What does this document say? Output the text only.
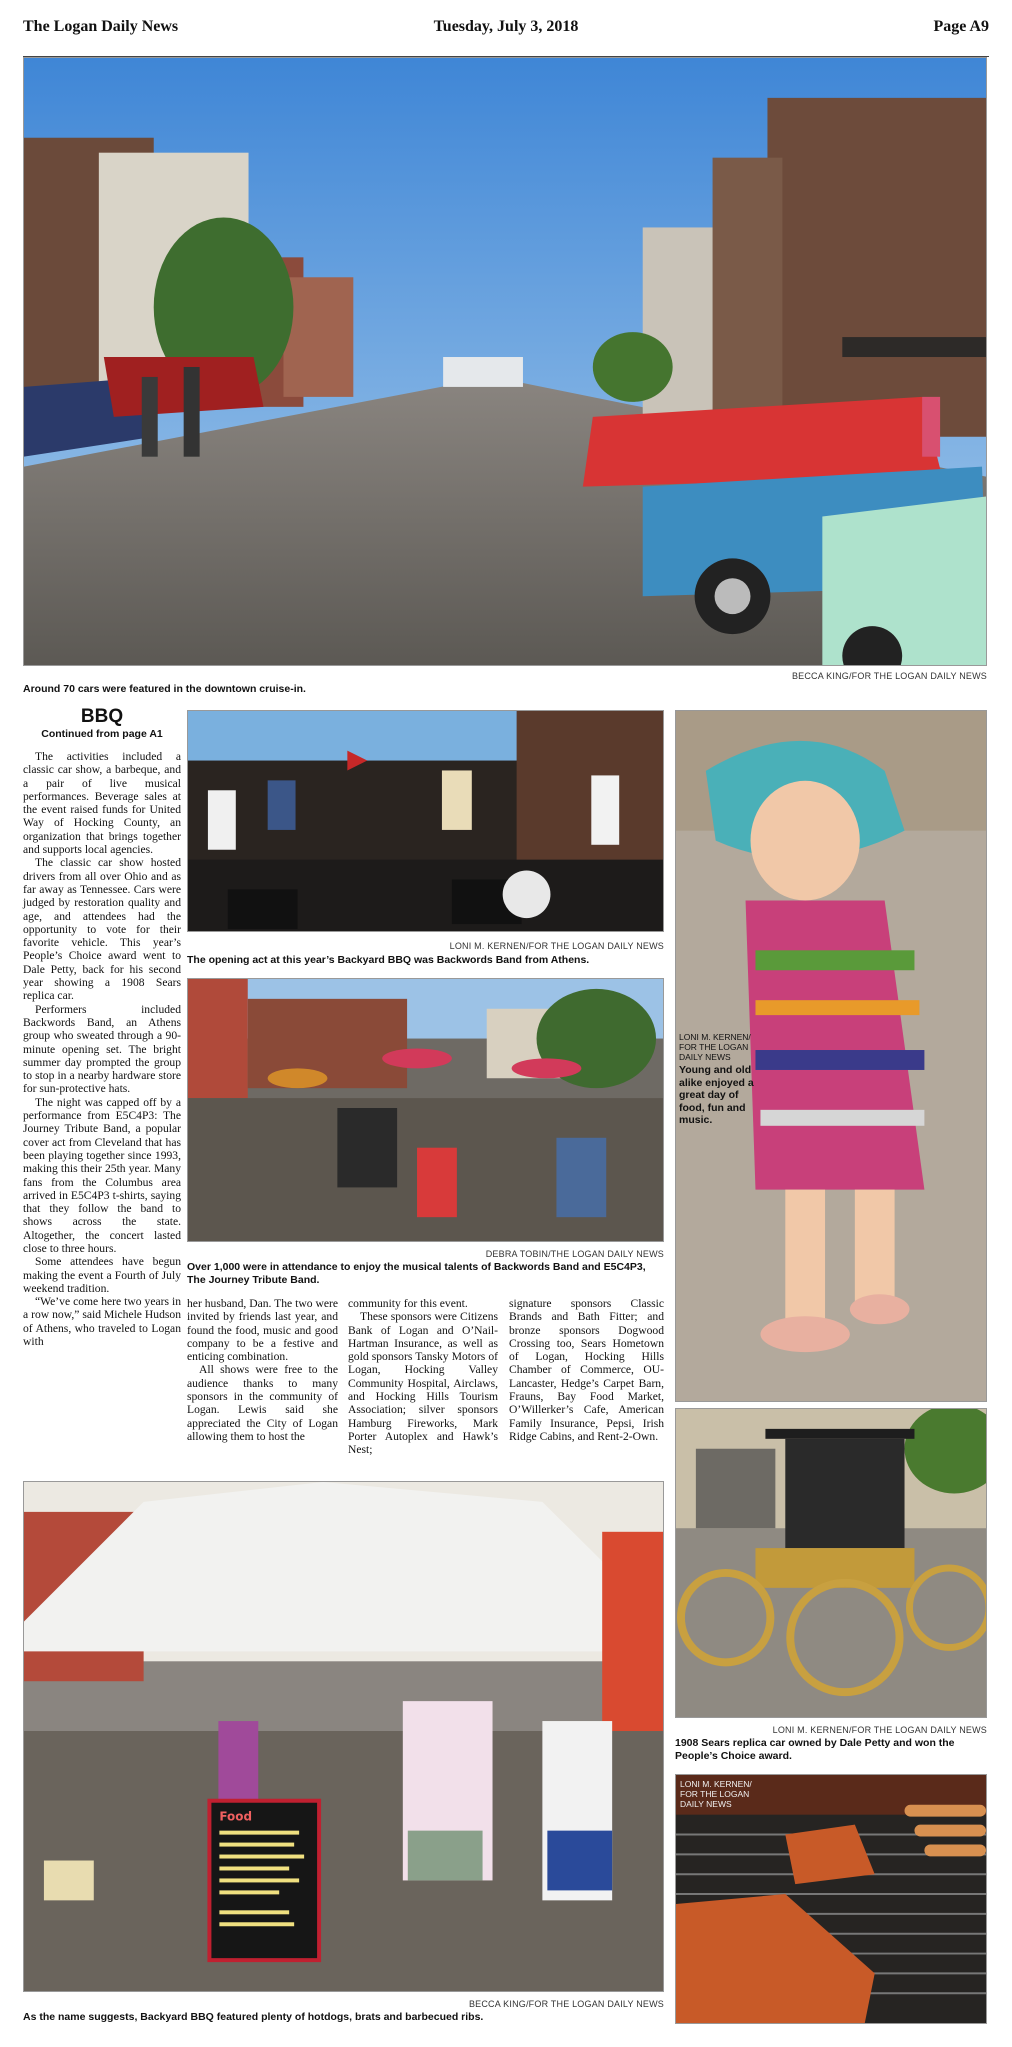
The Logan Daily News	Tuesday, July 3, 2018	Page A9
BECCA KING/FOR THE LOGAN DAILY NEWS
Around 70 cars were featured in the downtown cruise-in.
BBQ
Continued from page A1

The activities included a classic car show, a barbeque, and a pair of live musical performances. Beverage sales at the event raised funds for United Way of Hocking County, an organization that brings together and supports local agencies.

The classic car show hosted drivers from all over Ohio and as far away as Tennessee. Cars were judged by restoration quality and age, and attendees had the opportunity to vote for their favorite vehicle. This year’s People’s Choice award went to Dale Petty, back for his second year showing a 1908 Sears replica car.

Performers included Backwords Band, an Athens group who sweated through a 90-minute opening set. The bright summer day prompted the group to stop in a nearby hardware store for sun-protective hats.

The night was capped off by a performance from E5C4P3: The Journey Tribute Band, a popular cover act from Cleveland that has been playing together since 1993, making this their 25th year. Many fans from the Columbus area arrived in E5C4P3 t-shirts, saying that they follow the band to shows across the state. Altogether, the concert lasted close to three hours.

Some attendees have begun making the event a Fourth of July weekend tradition.

“We’ve come here two years in a row now,” said Michele Hudson of Athens, who traveled to Logan with

LONI M. KERNEN/FOR THE LOGAN DAILY NEWS
The opening act at this year’s Backyard BBQ was Backwords Band from Athens.
DEBRA TOBIN/THE LOGAN DAILY NEWS
Over 1,000 were in attendance to enjoy the musical talents of Backwords Band and E5C4P3, The Journey Tribute Band.

her husband, Dan. The two were invited by friends last year, and found the food, music and good company to be a festive and enticing combination.

All shows were free to the audience thanks to many sponsors in the community of Logan. Lewis said she appreciated the City of Logan allowing them to host the

community for this event.

These sponsors were Citizens Bank of Logan and O’Nail-Hartman Insurance, as well as gold sponsors Tansky Motors of Logan, Hocking Valley Community Hospital, Airclaws, and Hocking Hills Tourism Association; silver sponsors Hamburg Fireworks, Mark Porter Autoplex and Hawk’s Nest;

signature sponsors Classic Brands and Bath Fitter; and bronze sponsors Dogwood Crossing too, Sears Hometown of Logan, Hocking Hills Chamber of Commerce, OU-Lancaster, Hedge’s Carpet Barn, Frauns, Bay Food Market, O’Willerker’s Cafe, American Family Insurance, Pepsi, Irish Ridge Cabins, and Rent-2-Own.

LONI M. KERNEN/
FOR THE LOGAN
DAILY NEWS
Young and old alike enjoyed a great day of food, fun and music.
LONI M. KERNEN/FOR THE LOGAN DAILY NEWS
1908 Sears replica car owned by Dale Petty and won the People’s Choice award.
LONI M. KERNEN/
FOR THE LOGAN
DAILY NEWS
Food
BECCA KING/FOR THE LOGAN DAILY NEWS
As the name suggests, Backyard BBQ featured plenty of hotdogs, brats and barbecued ribs.
